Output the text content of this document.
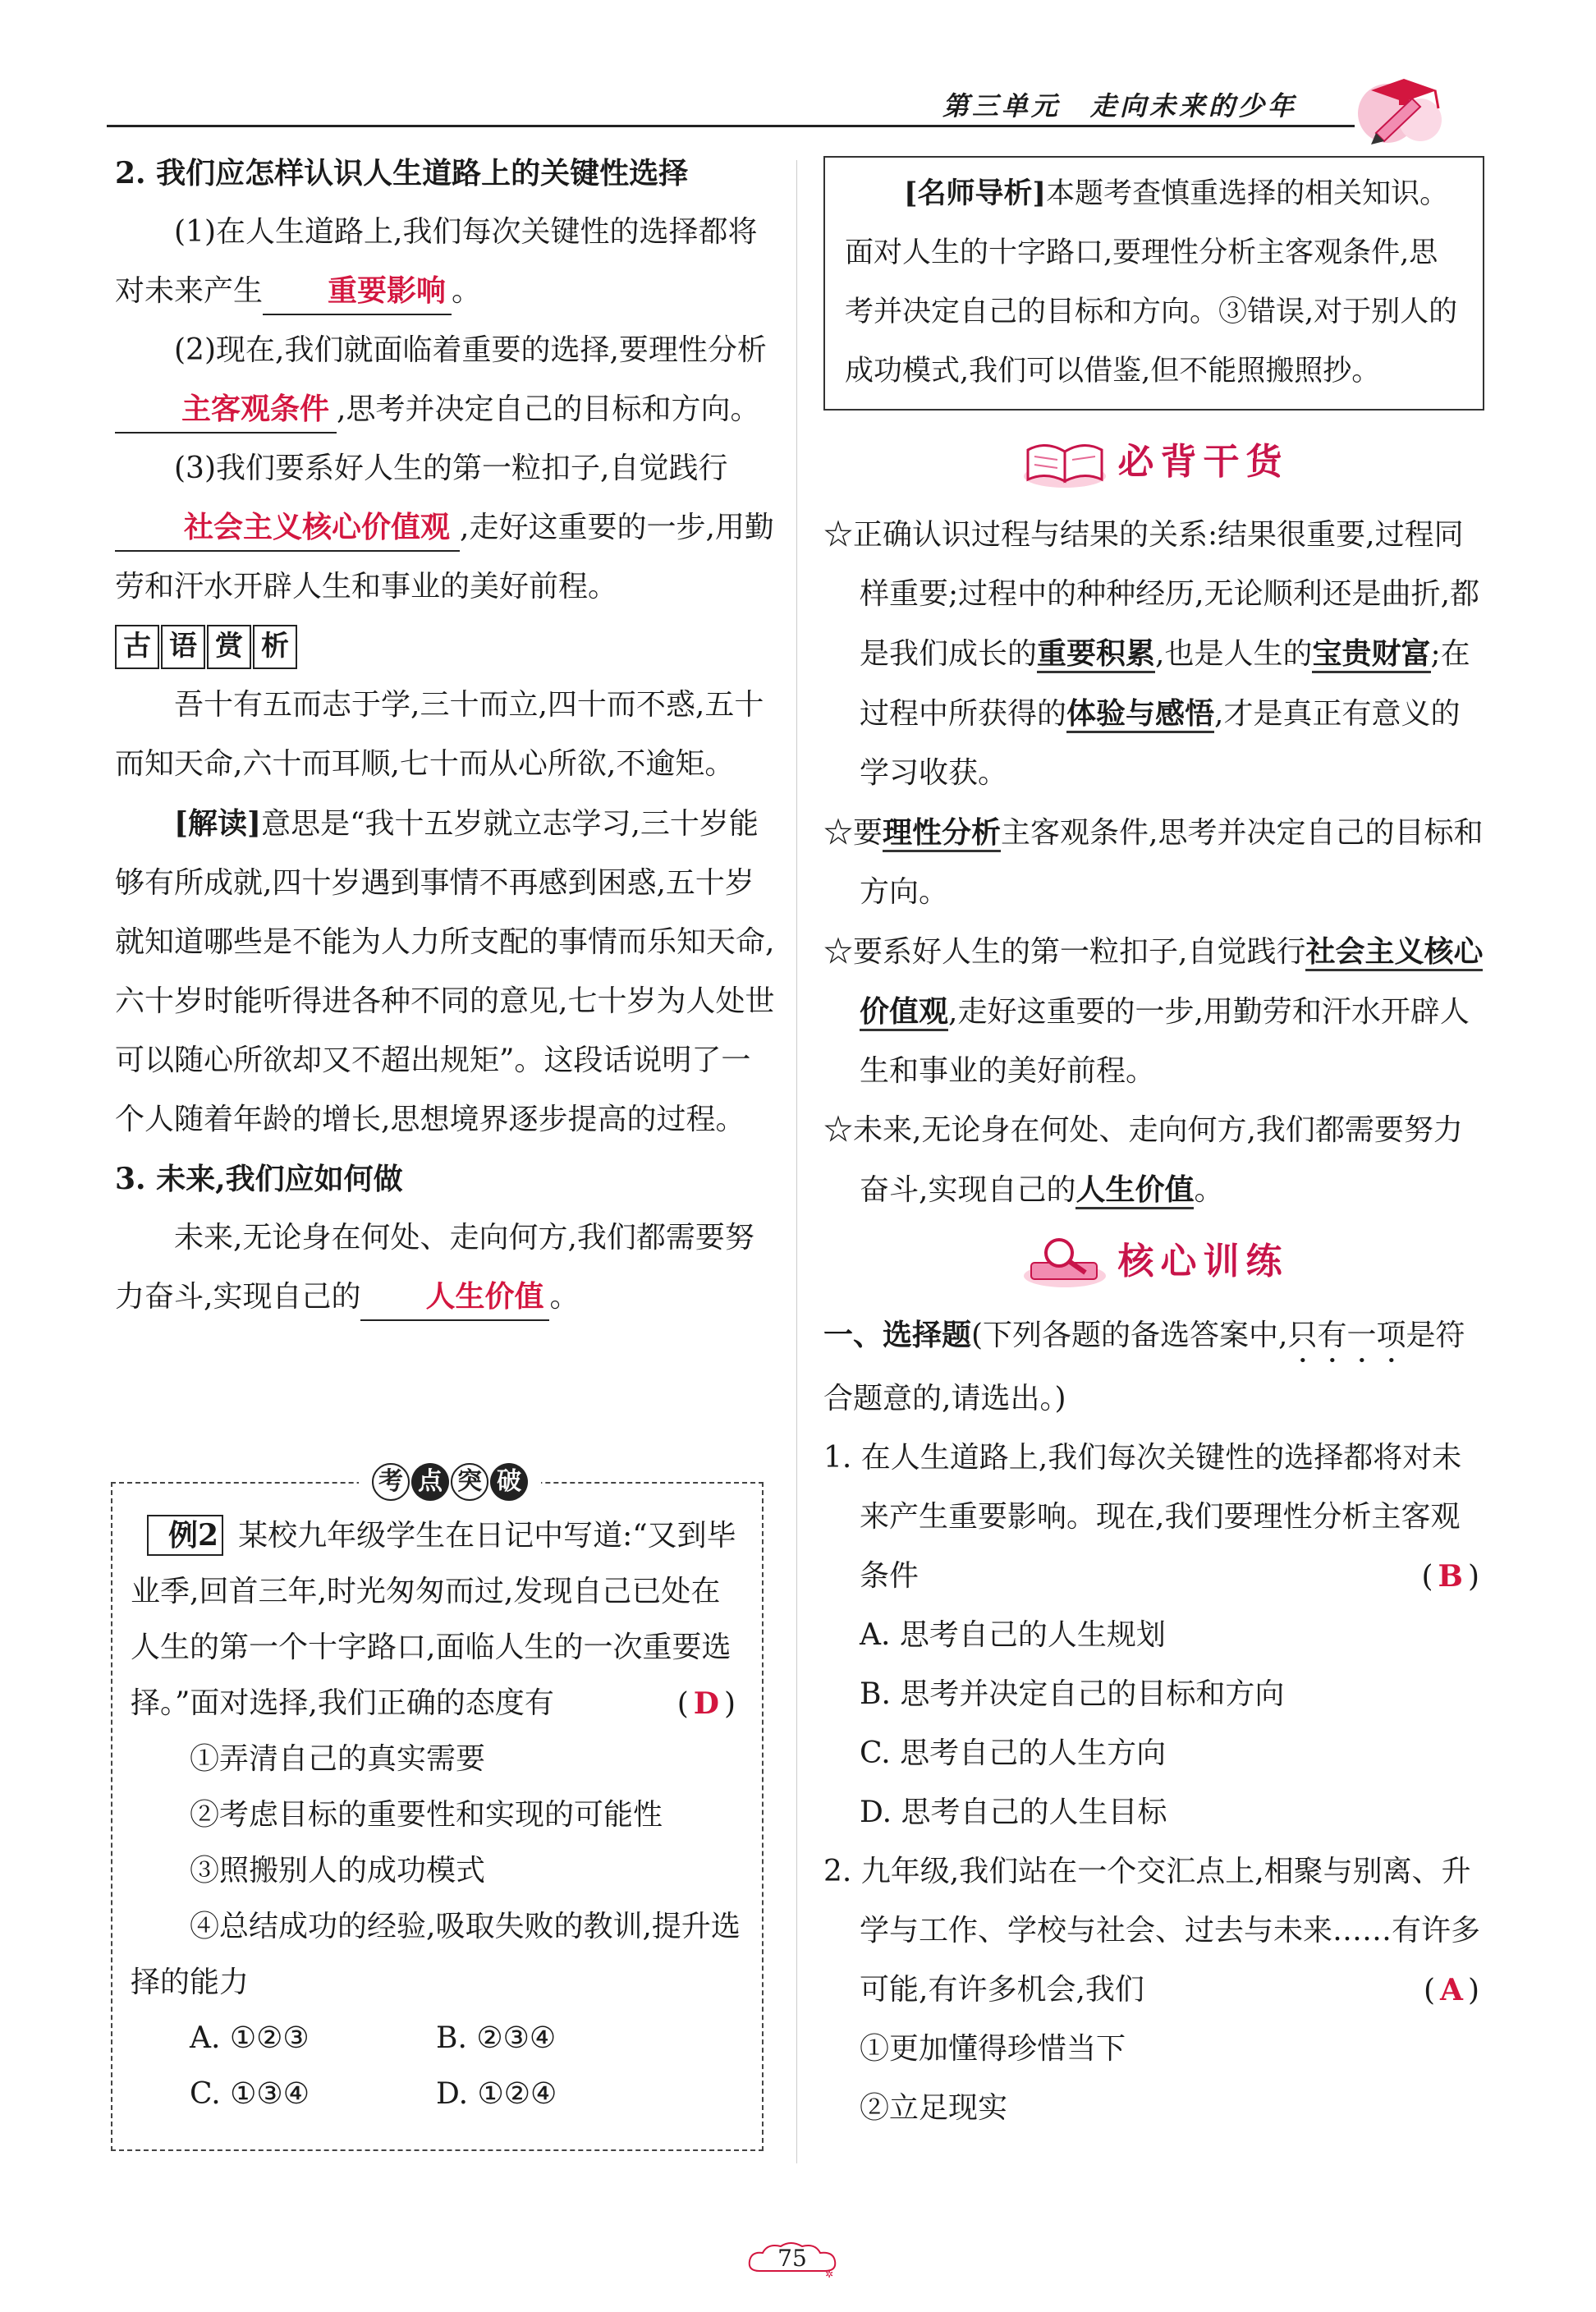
第三单元　走向未来的少年

2. 我们应怎样认识人生道路上的关键性选择

(1)在人生道路上,我们每次关键性的选择都将对未来产生 重要影响 。

(2)现在,我们就面临着重要的选择,要理性分析主客观条件 ,思考并决定自己的目标和方向。

(3)我们要系好人生的第一粒扣子,自觉践行社会主义核心价值观 ,走好这重要的一步,用勤劳和汗水开辟人生和事业的美好前程。

古 语 赏 析

吾十有五而志于学,三十而立,四十而不惑,五十而知天命,六十而耳顺,七十而从心所欲,不逾矩。

[解读]意思是“我十五岁就立志学习,三十岁能够有所成就,四十岁遇到事情不再感到困惑,五十岁就知道哪些是不能为人力所支配的事情而乐知天命,六十岁时能听得进各种不同的意见,七十岁为人处世可以随心所欲却又不超出规矩”。这段话说明了一个人随着年龄的增长,思想境界逐步提高的过程。

3. 未来,我们应如何做

未来,无论身在何处、走向何方,我们都需要努力奋斗,实现自己的 人生价值 。

考 点 突 破

例2 某校九年级学生在日记中写道:“又到毕业季,回首三年,时光匆匆而过,发现自己已处在人生的第一个十字路口,面临人生的一次重要选择。”面对选择,我们正确的态度有	(D)

①弄清自己的真实需要

②考虑目标的重要性和实现的可能性

③照搬别人的成功模式

④总结成功的经验,吸取失败的教训,提升选择的能力

A. ①②③	B. ②③④
C. ①③④	D. ①②④

[名师导析]本题考查慎重选择的相关知识。面对人生的十字路口,要理性分析主客观条件,思考并决定自己的目标和方向。③错误,对于别人的成功模式,我们可以借鉴,但不能照搬照抄。

必背干货

☆正确认识过程与结果的关系:结果很重要,过程同样重要;过程中的种种经历,无论顺利还是曲折,都是我们成长的重要积累,也是人生的宝贵财富;在过程中所获得的体验与感悟,才是真正有意义的学习收获。

☆要理性分析主客观条件,思考并决定自己的目标和方向。

☆要系好人生的第一粒扣子,自觉践行社会主义核心价值观,走好这重要的一步,用勤劳和汗水开辟人生和事业的美好前程。

☆未来,无论身在何处、走向何方,我们都需要努力奋斗,实现自己的人生价值。

核心训练

一、选择题(下列各题的备选答案中,只有一项是符合题意的,请选出。)

1. 在人生道路上,我们每次关键性的选择都将对未来产生重要影响。现在,我们要理性分析主客观条件	(B)

A. 思考自己的人生规划

B. 思考并决定自己的目标和方向

C. 思考自己的人生方向

D. 思考自己的人生目标

2. 九年级,我们站在一个交汇点上,相聚与别离、升学与工作、学校与社会、过去与未来……有许多可能,有许多机会,我们	(A)

①更加懂得珍惜当下

②立足现实

✲
75
